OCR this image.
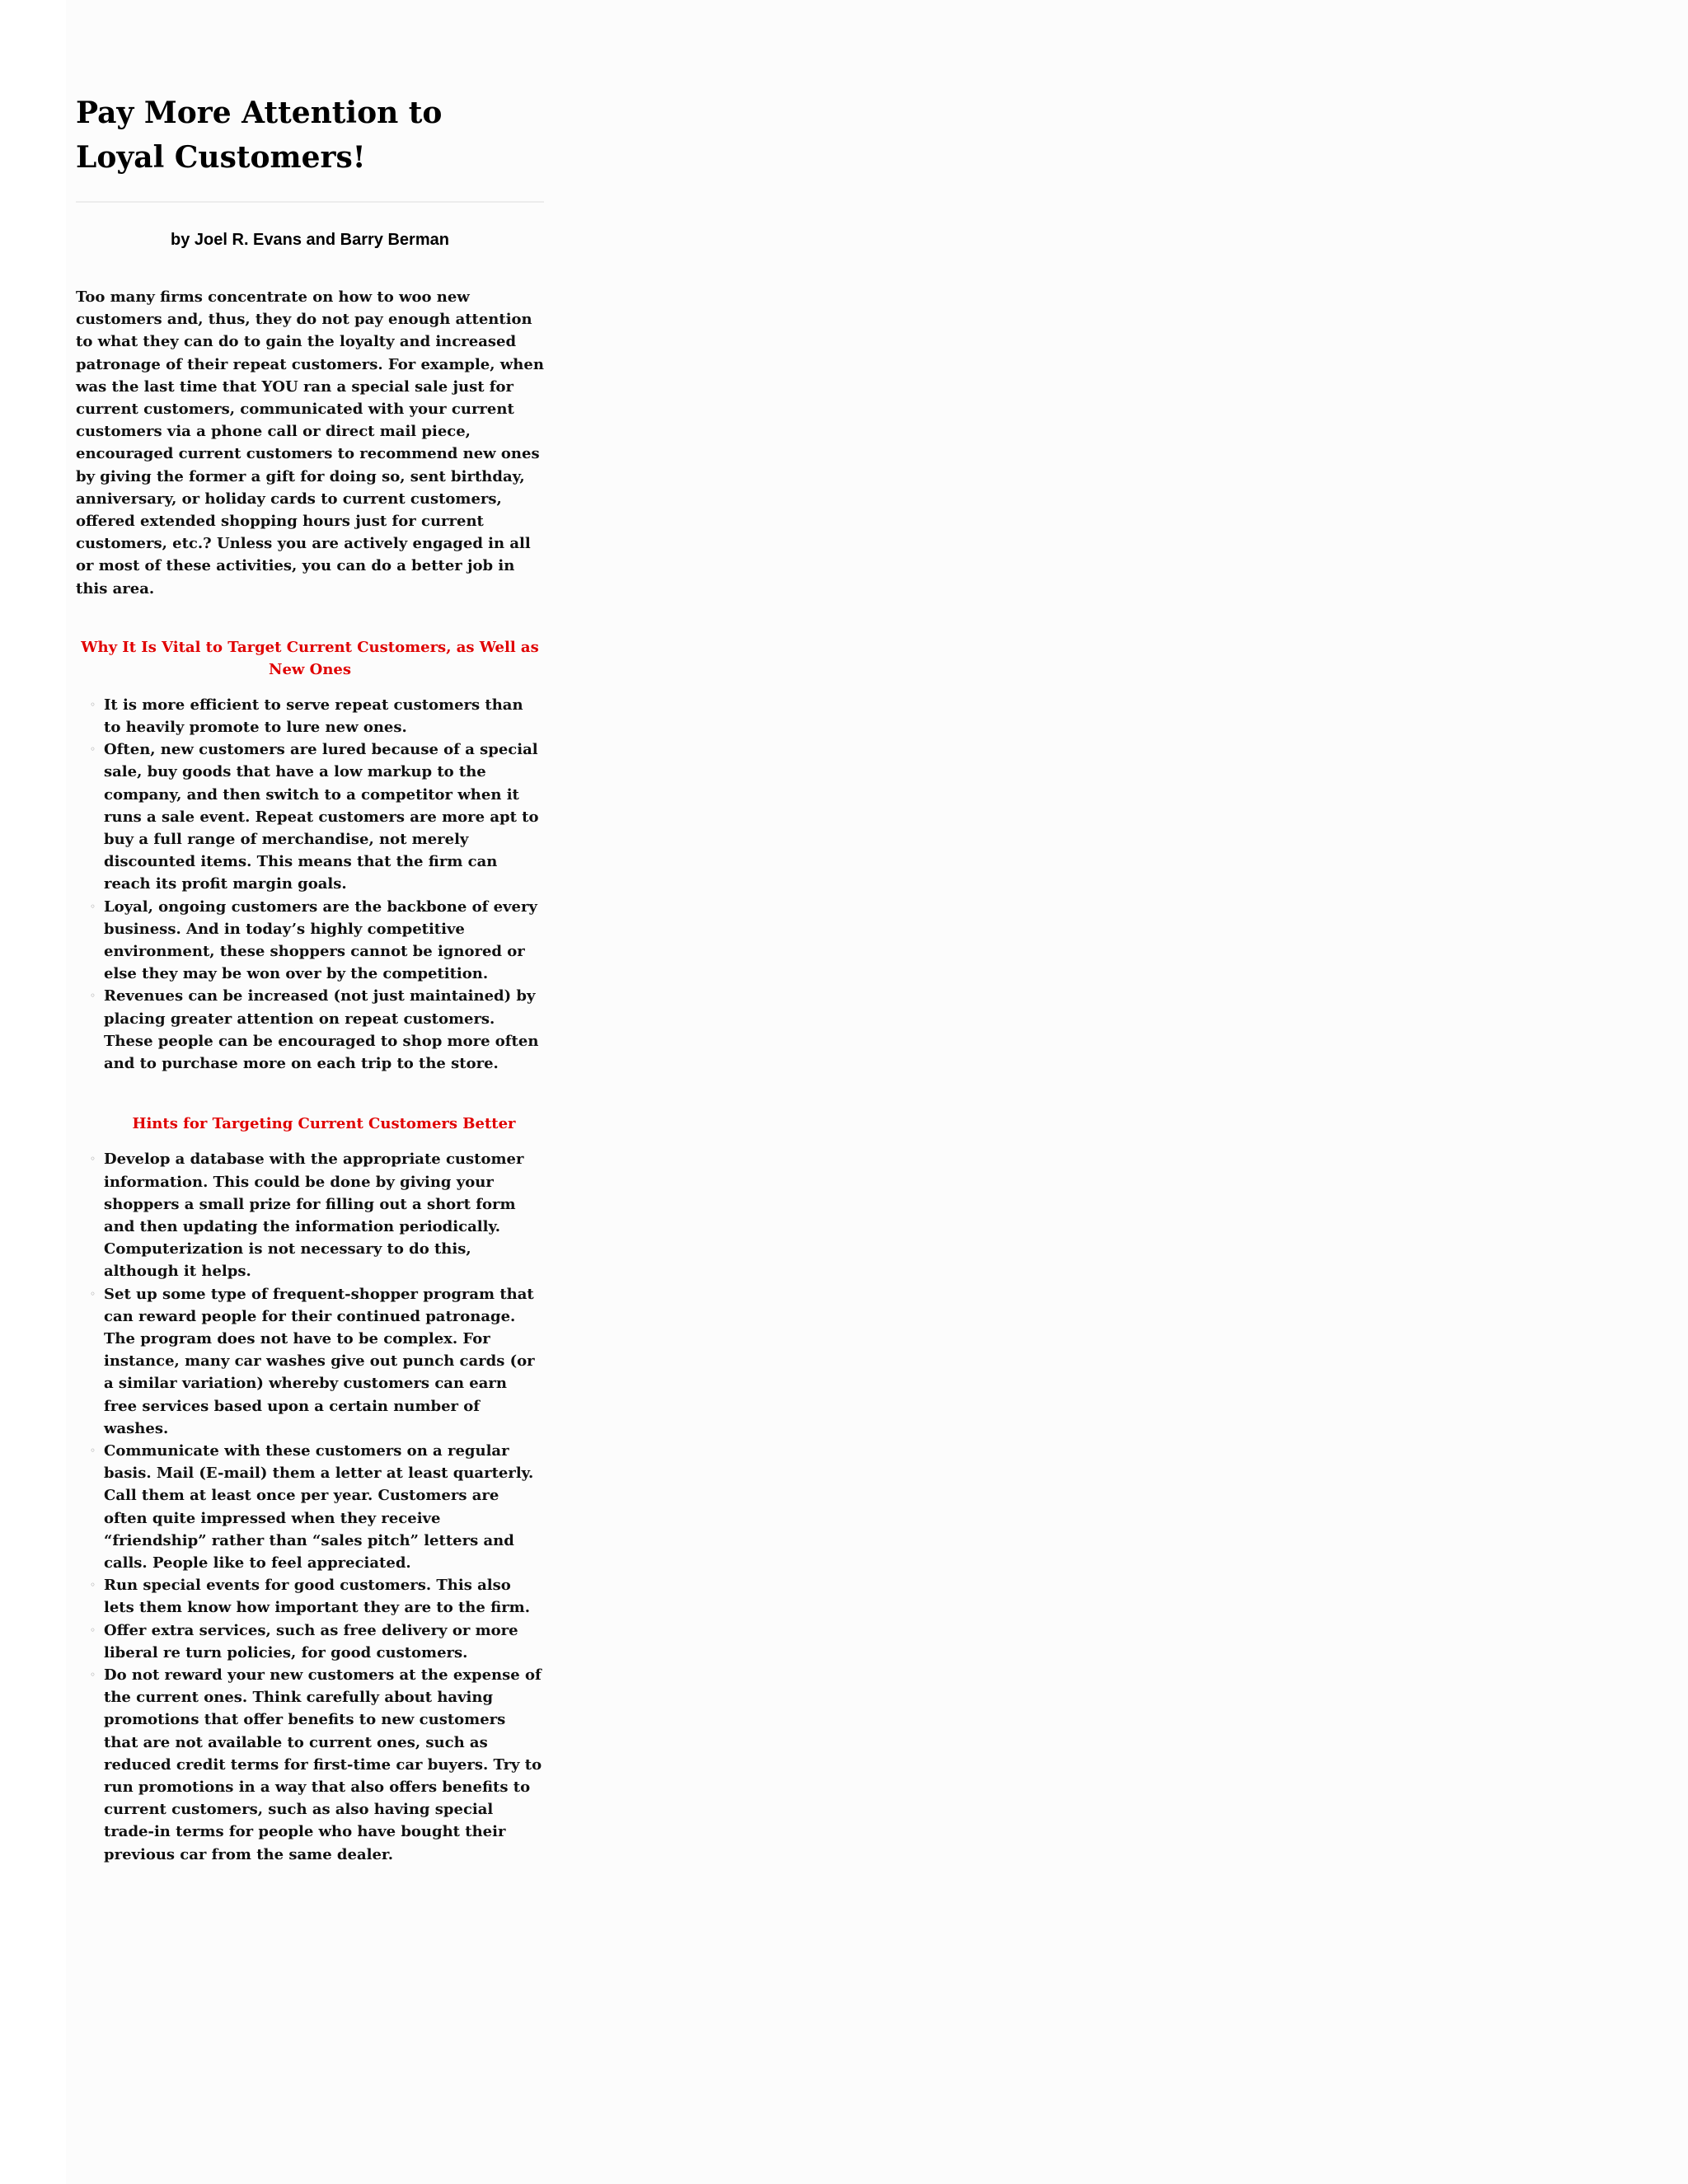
Pay More Attention to
Loyal Customers!

by Joel R. Evans and Barry Berman

Too many firms concentrate on how to woo new customers and, thus, they do not pay enough attention to what they can do to gain the loyalty and increased patronage of their repeat customers. For example, when was the last time that YOU ran a special sale just for current customers, communicated with your current customers via a phone call or direct mail piece, encouraged current customers to recommend new ones by giving the former a gift for doing so, sent birthday, anniversary, or holiday cards to current customers, offered extended shopping hours just for current customers, etc.? Unless you are actively engaged in all or most of these activities, you can do a better job in this area.

Why It Is Vital to Target Current Customers, as Well as New Ones
◦ It is more efficient to serve repeat customers than to heavily promote to lure new ones.
◦ Often, new customers are lured because of a special sale, buy goods that have a low markup to the company, and then switch to a competitor when it runs a sale event. Repeat customers are more apt to buy a full range of merchandise, not merely discounted items. This means that the firm can reach its profit margin goals.
◦ Loyal, ongoing customers are the backbone of every business. And in today’s highly competitive environment, these shoppers cannot be ignored or else they may be won over by the competition.
◦ Revenues can be increased (not just maintained) by placing greater attention on repeat customers. These people can be encouraged to shop more often and to purchase more on each trip to the store.
Hints for Targeting Current Customers Better
◦ Develop a database with the appropriate customer information. This could be done by giving your shoppers a small prize for filling out a short form and then updating the information periodically. Computerization is not necessary to do this, although it helps.
◦ Set up some type of frequent-shopper program that can reward people for their continued patronage. The program does not have to be complex. For instance, many car washes give out punch cards (or a similar variation) whereby customers can earn free services based upon a certain number of washes.
◦ Communicate with these customers on a regular basis. Mail (E-mail) them a letter at least quarterly. Call them at least once per year. Customers are often quite impressed when they receive “friendship” rather than “sales pitch” letters and calls. People like to feel appreciated.
◦ Run special events for good customers. This also lets them know how important they are to the firm.
◦ Offer extra services, such as free delivery or more liberal re turn policies, for good customers.
◦ Do not reward your new customers at the expense of the current ones. Think carefully about having promotions that offer benefits to new customers that are not available to current ones, such as reduced credit terms for first-time car buyers. Try to run promotions in a way that also offers benefits to current customers, such as also having special trade-in terms for people who have bought their previous car from the same dealer.
